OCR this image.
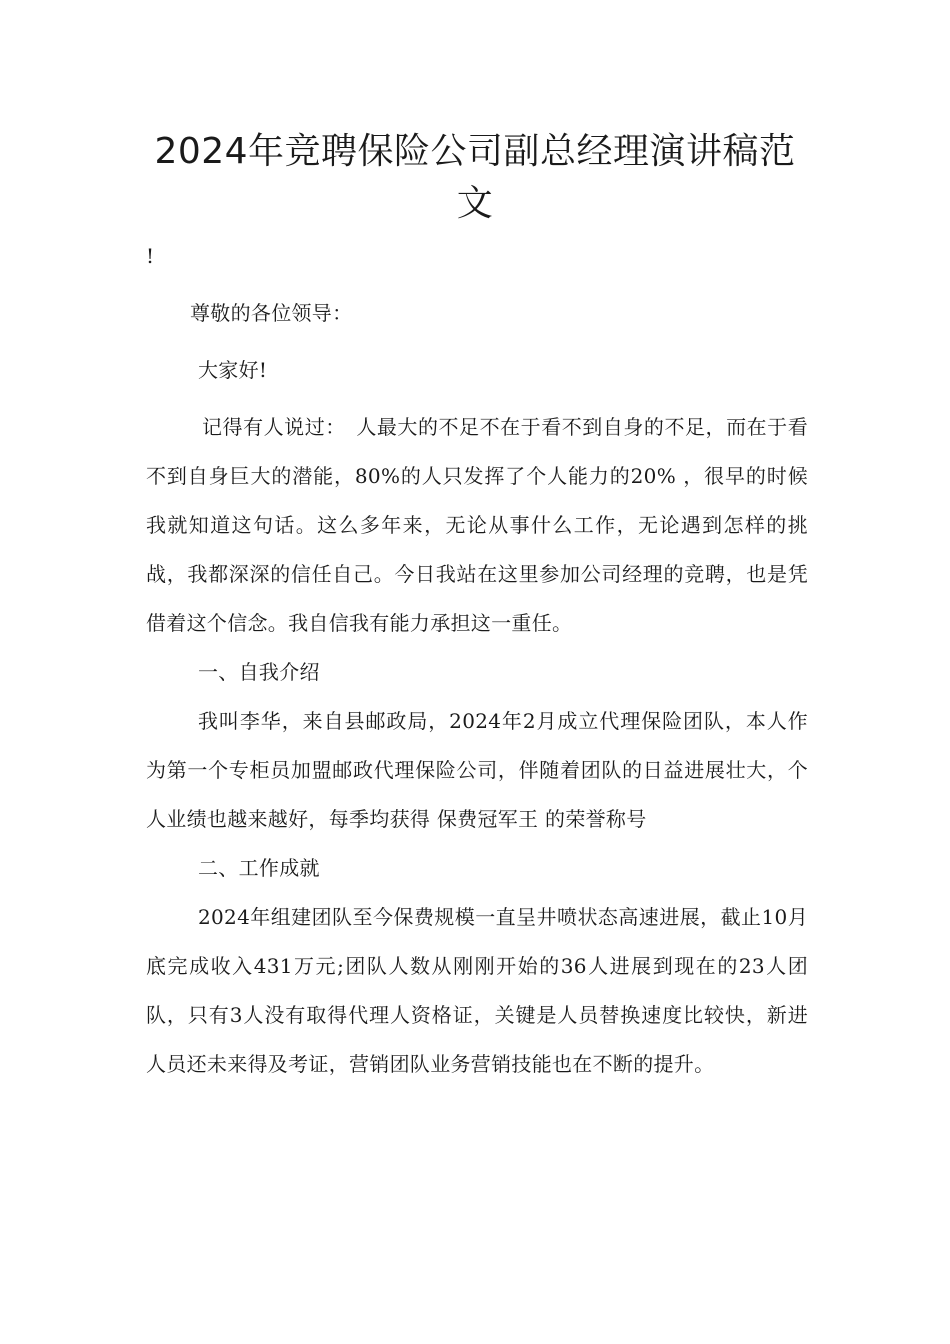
2024年竞聘保险公司副总经理演讲稿范文

!

尊敬的各位领导：

大家好!

记得有人说过：　人最大的不足不在于看不到自身的不足，而在于看不到自身巨大的潜能，80%的人只发挥了个人能力的20% ，很早的时候我就知道这句话。这么多年来，无论从事什么工作，无论遇到怎样的挑战，我都深深的信任自己。今日我站在这里参加公司经理的竞聘，也是凭借着这个信念。我自信我有能力承担这一重任。

一、自我介绍

我叫李华，来自县邮政局，2024年2月成立代理保险团队，本人作为第一个专柜员加盟邮政代理保险公司，伴随着团队的日益进展壮大，个人业绩也越来越好，每季均获得 保费冠军王 的荣誉称号

二、工作成就

2024年组建团队至今保费规模一直呈井喷状态高速进展，截止10月底完成收入431万元;团队人数从刚刚开始的36人进展到现在的23人团队，只有3人没有取得代理人资格证，关键是人员替换速度比较快，新进人员还未来得及考证，营销团队业务营销技能也在不断的提升。
